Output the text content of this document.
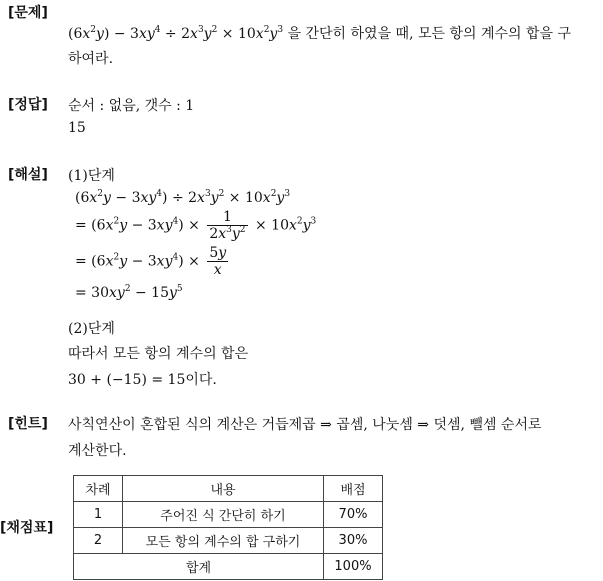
[문제]
$(6x^2y) - 3xy^4 \div 2x^3y^2 \times 10x^2y^3$ 을 간단히 하였을 때, 모든 항의 계수의 합을 구
하여라.
[정답] 순서 : 없음, 갯수 : 1
15
[해설] (1)단계
$(6x^2y - 3xy^4) \div 2x^3y^2 \times 10x^2y^3$
= $(6x^2y - 3xy^4) \times \frac{1}{2x^3y^2} \times 10x^2y^3$
= $(6x^2y - 3xy^4) \times \frac{5y}{x}$
= $30xy^2 - 15y^5$
(2)단계
따라서 모든 항의 계수의 합은
30 + (−15) = 15이다.
[힌트] 사칙연산이 혼합된 식의 계산은 거듭제곱 ⇒ 곱셈, 나눗셈 ⇒ 덧셈, 뺄셈 순서로
계산한다.
[채점표]
차례	내용	배점
1	주어진 식 간단히 하기	70%
2	모든 항의 계수의 합 구하기	30%
합계		100%
